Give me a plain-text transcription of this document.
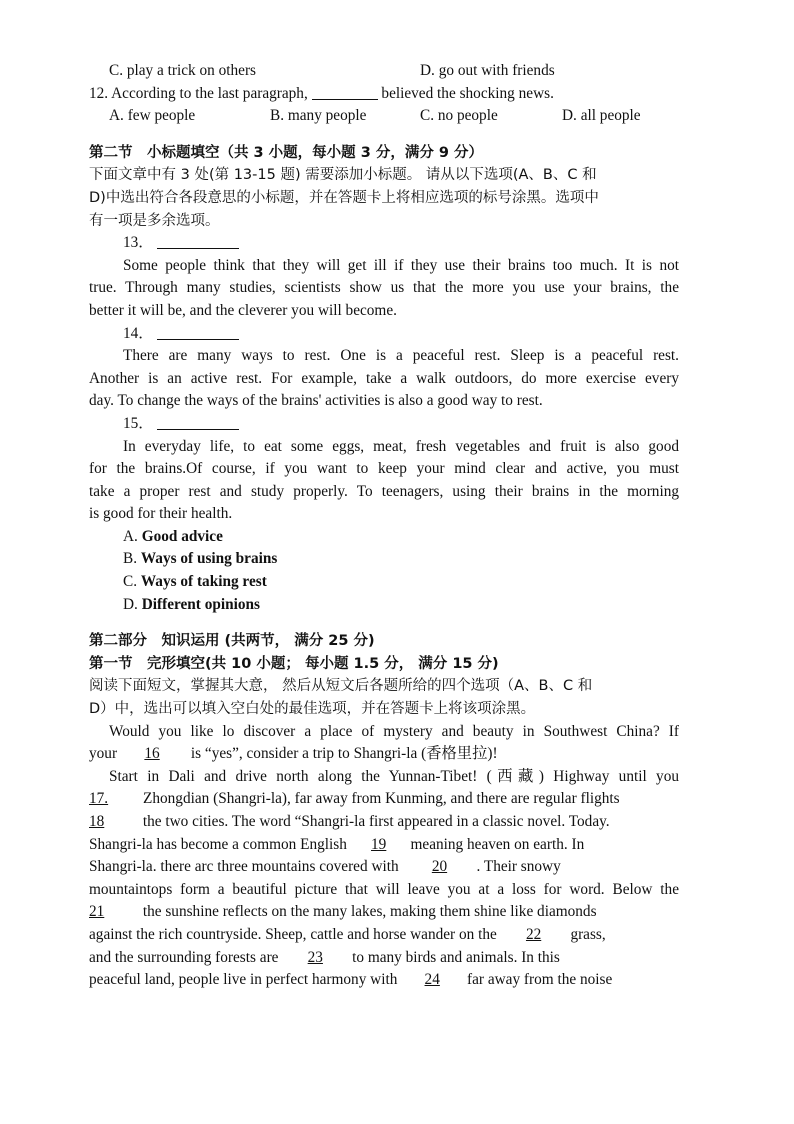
C. play a trick on others	D. go out with friends
12. According to the last paragraph,	believed the shocking news.
A. few people	B. many people	C. no people	D. all people
第二节　小标题填空（共 3 小题，每小题 3 分，满分 9 分）
下面文章中有 3 处(第 13-15 题) 需要添加小标题。 请从以下选项(A、B、C 和
D)中选出符合各段意思的小标题，并在答题卡上将相应选项的标号涂黑。选项中
有一项是多余选项。
13．
Some people think that they will get ill if they use their brains too much. It is not
true. Through many studies, scientists show us that the more you use your brains, the
better it will be, and the cleverer you will become.
14．
There are many ways to rest. One is a peaceful rest. Sleep is a peaceful rest.
Another is an active rest. For example, take a walk outdoors, do more exercise every
day. To change the ways of the brains' activities is also a good way to rest.
15．
In everyday life, to eat some eggs, meat, fresh vegetables and fruit is also good
for the brains.Of course, if you want to keep your mind clear and active, you must
take a proper rest and study properly. To teenagers, using their brains in the morning
is good for their health.
A. Good advice
B. Ways of using brains
C. Ways of taking rest
D. Different opinions
第二部分　知识运用 (共两节， 满分 25 分)
第一节　完形填空(共 10 小题； 每小题 1.5 分， 满分 15 分)
阅读下面短文，掌握其大意， 然后从短文后各题所给的四个选项（A、B、C 和
D）中，选出可以填入空白处的最佳选项，并在答题卡上将该项涂黑。
Would you like lo discover a place of mystery and beauty in Southwest China? If
your 16 is “yes”, consider a trip to Shangri-la (香格里拉)!
Start in Dali and drive north along the Yunnan-Tibet! (西藏) Highway until you
17. Zhongdian (Shangri-la), far away from Kunming, and there are regular flights
18	the two cities. The word “Shangri-la first appeared in a classic novel. Today.
Shangri-la has become a common English 19 meaning heaven on earth. In
Shangri-la. there arc three mountains covered with 20 . Their snowy
mountaintops form a beautiful picture that will leave you at a loss for word. Below the
21	the sunshine reflects on the many lakes, making them shine like diamonds
against the rich countryside. Sheep, cattle and horse wander on the 22 grass,
and the surrounding forests are 23 to many birds and animals. In this
peaceful land, people live in perfect harmony with 24 far away from the noise
